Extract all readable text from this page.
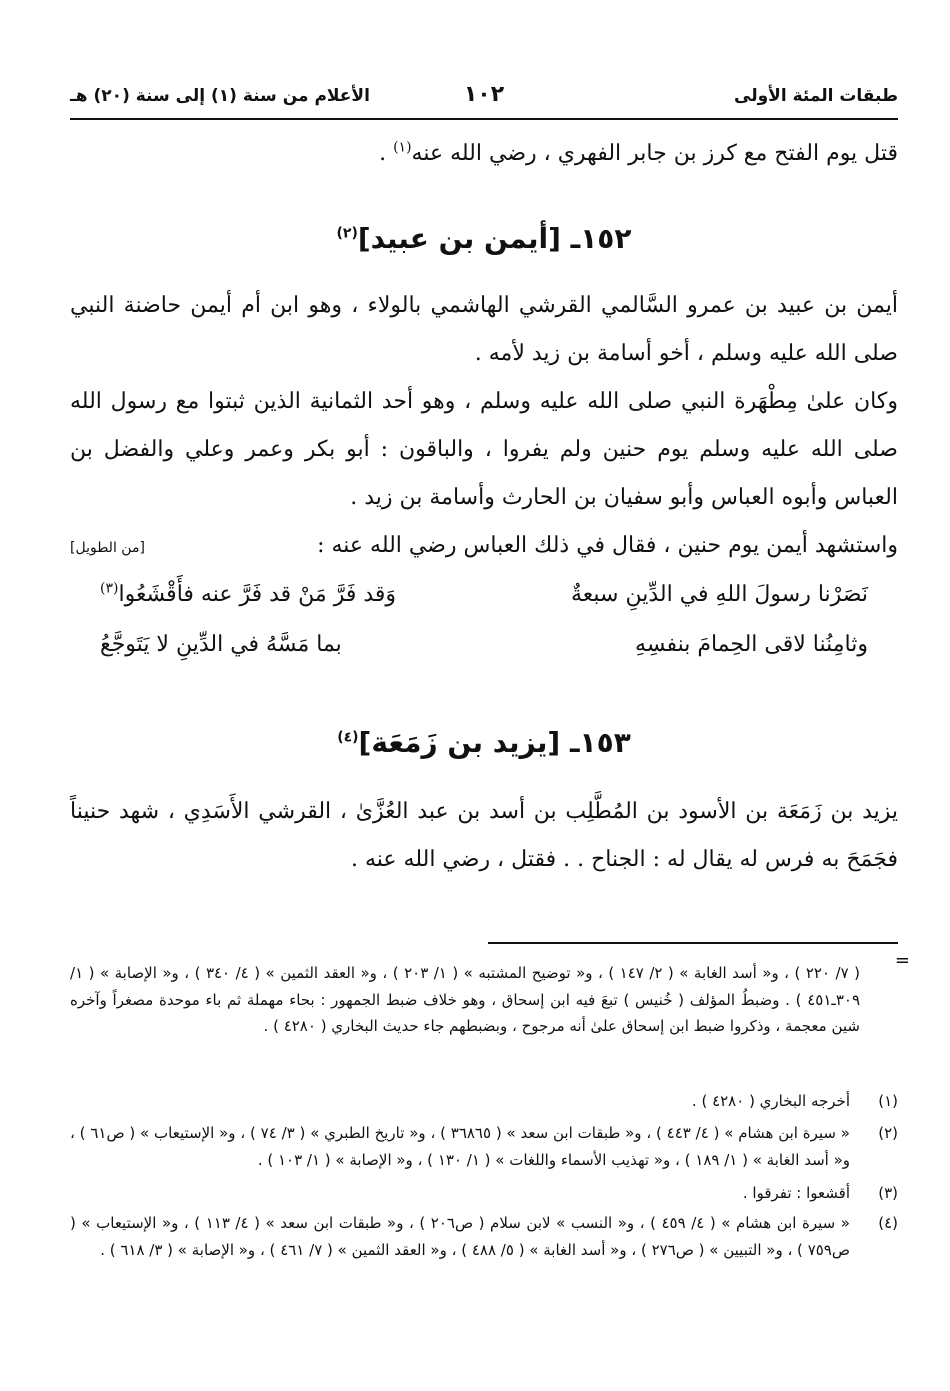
طبقات المئة الأولى
١٠٢
الأعلام من سنة (١) إلى سنة (٢٠) هـ
قتل يوم الفتح مع كرز بن جابر الفهري ، رضي الله عنه$^{(١)}$ .
١٥٢ـ [أيمن بن عبيد]$^{(٢)}$
أيمن بن عبيد بن عمرو السَّالمي القرشي الهاشمي بالولاء ، وهو ابن أم أيمن حاضنة النبي صلى الله عليه وسلم ، أخو أسامة بن زيد لأمه .
وكان علىٰ مِطْهَرة النبي صلى الله عليه وسلم ، وهو أحد الثمانية الذين ثبتوا مع رسول الله صلى الله عليه وسلم يوم حنين ولم يفروا ، والباقون : أبو بكر وعمر وعلي والفضل بن العباس وأبوه العباس وأبو سفيان بن الحارث وأسامة بن زيد .
واستشهد أيمن يوم حنين ، فقال في ذلك العباس رضي الله عنه :
[من الطويل]
نَصَرْنا رسولَ اللهِ في الدِّينِ سبعةٌ
وَقد فَرَّ مَنْ قد فَرَّ عنه فأَقْشَعُوا$^{(٣)}$
وثامِنُنا لاقى الحِمامَ بنفسِهِ
بما مَسَّهُ في الدِّينِ لا يَتَوجَّعُ
١٥٣ـ [يزيد بن زَمَعَة]$^{(٤)}$
يزيد بن زَمَعَة بن الأسود بن المُطَّلِب بن أسد بن عبد العُزَّىٰ ، القرشي الأَسَدِي ، شهد حنيناً فجَمَحَ به فرس له يقال له : الجناح . . فقتل ، رضي الله عنه .
=
( ٧/ ٢٢٠ ) ، و« أسد الغابة » ( ٢/ ١٤٧ ) ، و« توضيح المشتبه » ( ١/ ٢٠٣ ) ، و« العقد الثمين » ( ٤/ ٣٤٠ ) ، و« الإصابة » ( ١/ ٣٠٩ـ٤٥١ ) . وضبطُ المؤلف ( خُنيس ) تبعَ فيه ابن إسحاق ، وهو خلاف ضبط الجمهور : بحاء مهملة ثم باء موحدة مصغراً وآخره شين معجمة ، وذكروا ضبط ابن إسحاق علىٰ أنه مرجوح ، وبضبطهم جاء حديث البخاري ( ٤٢٨٠ ) .
(١)
أخرجه البخاري ( ٤٢٨٠ ) .
(٢)
« سيرة ابن هشام » ( ٤/ ٤٤٣ ) ، و« طبقات ابن سعد » ( ٣٦٨٦٥ ) ، و« تاريخ الطبري » ( ٣/ ٧٤ ) ، و« الإستيعاب » ( ص٦١ ) ، و« أسد الغابة » ( ١/ ١٨٩ ) ، و« تهذيب الأسماء واللغات » ( ١/ ١٣٠ ) ، و« الإصابة » ( ١/ ١٠٣ ) .
(٣)
أقشعوا : تفرقوا .
(٤)
« سيرة ابن هشام » ( ٤/ ٤٥٩ ) ، و« النسب » لابن سلام ( ص٢٠٦ ) ، و« طبقات ابن سعد » ( ٤/ ١١٣ ) ، و« الإستيعاب » ( ص٧٥٩ ) ، و« التبيين » ( ص٢٧٦ ) ، و« أسد الغابة » ( ٥/ ٤٨٨ ) ، و« العقد الثمين » ( ٧/ ٤٦١ ) ، و« الإصابة » ( ٣/ ٦١٨ ) .
